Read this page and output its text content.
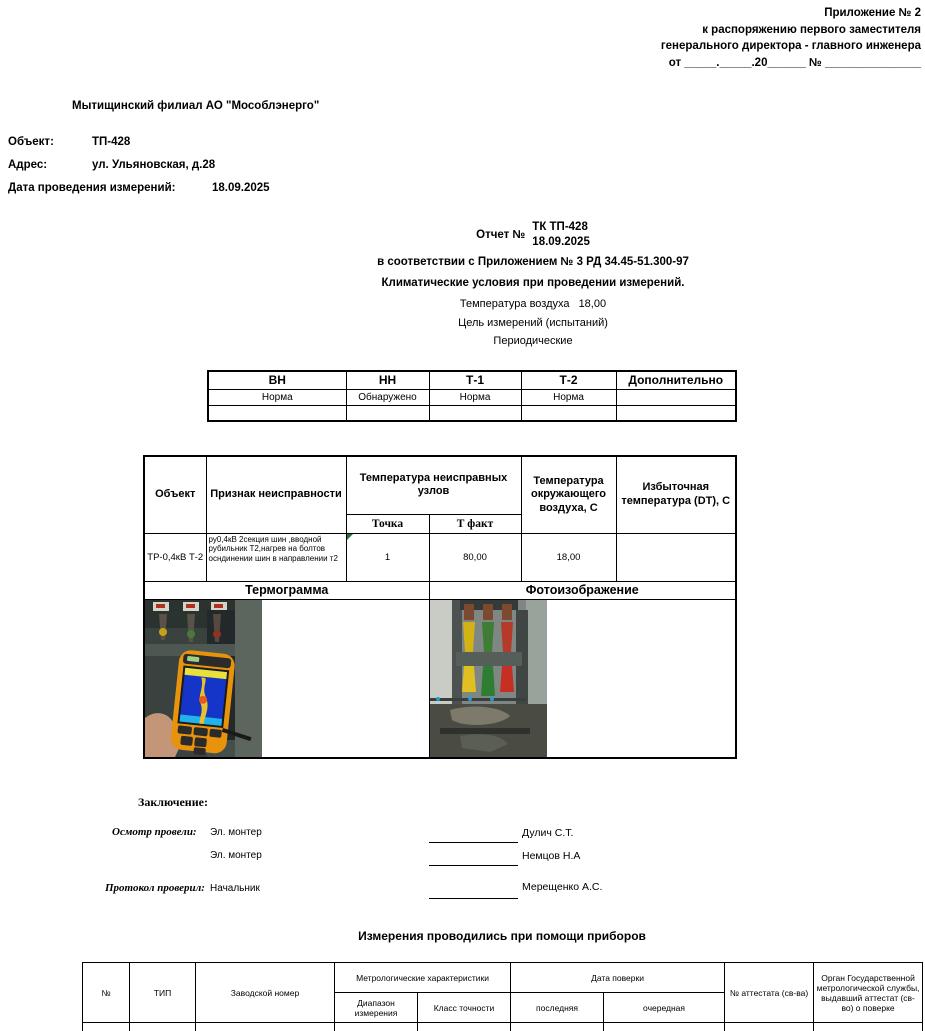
Приложение № 2
к распоряжению первого заместителя
генерального директора - главного инженера
от _____._____.20______ № _______________
Мытищинский филиал АО "Мособлэнерго"
Объект:	ТП-428
Адрес:	ул. Ульяновская, д.28
Дата проведения измерений:	18.09.2025
Отчет №
ТК ТП-428
18.09.2025
в соответствии с Приложением № 3 РД 34.45-51.300-97
Климатические условия при проведении измерений.
Температура воздуха 18,00
Цель измерений (испытаний)
Периодические
ВН	НН	Т-1	Т-2	Дополнительно
Норма	Обнаружено	Норма	Норма	

Объект	Признак неисправности	Температура неисправных узлов		Температура окружающего воздуха, С	Избыточная температура (DT), С
		Точка	Т факт		
ТР-0,4кВ Т-2	ру0,4кВ 2секция шин ,вводной рубильник Т2,нагрев на болтов осндинении шин в направлении т2	1	80,00	18,00	
Термограмма			Фотоизображение		

Заключение:
Осмотр провели: Эл. монтер	Дулич С.Т.
Эл. монтер	Немцов Н.А
Протокол проверил: Начальник	Мерещенко А.С.
Измерения проводились при помощи приборов
№	ТИП	Заводской номер	Метрологические характеристики		Дата поверки		№ аттестата (св-ва)	Орган Государственной метрологической службы, выдавший аттестат (св-во) о поверке
			Диапазон измерения	Класс точности	последняя	очередная		
